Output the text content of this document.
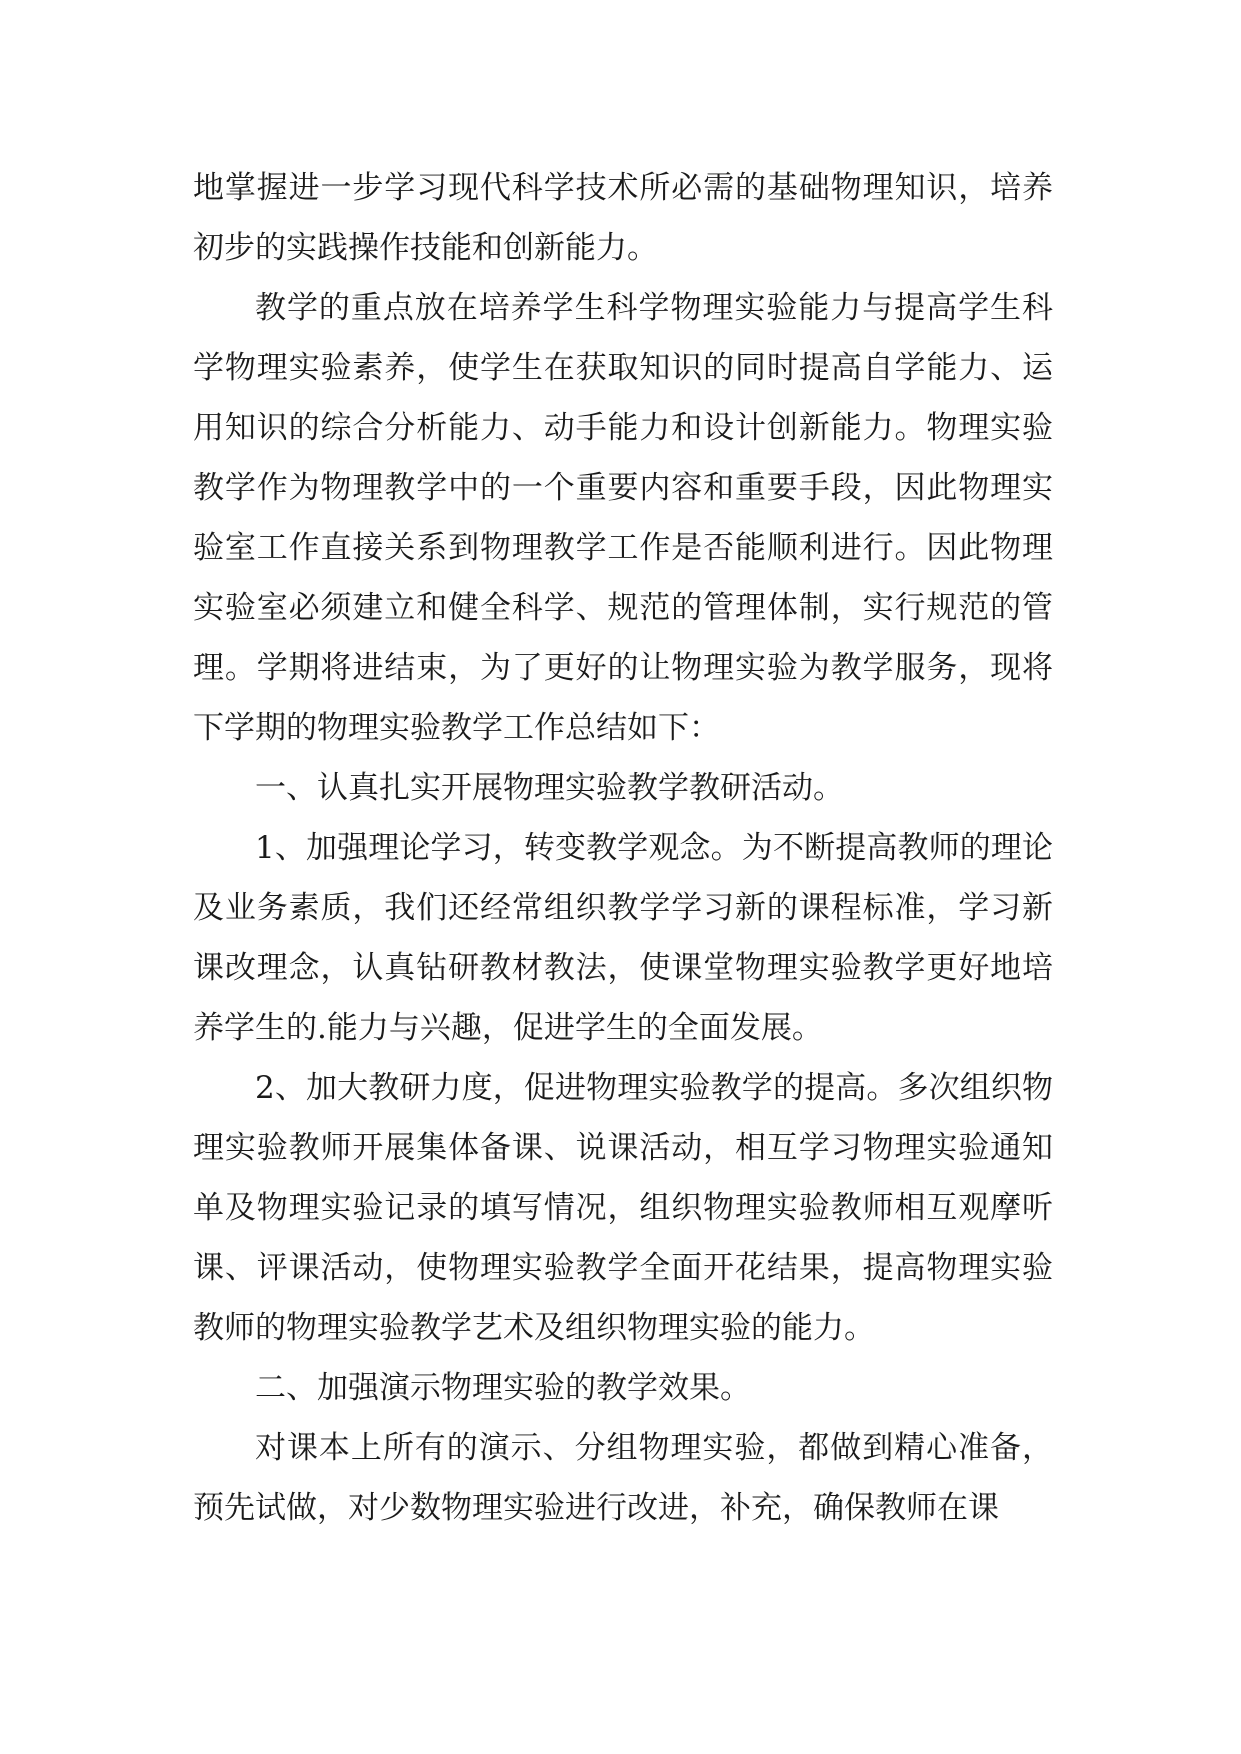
地掌握进一步学习现代科学技术所必需的基础物理知识，培养初步的实践操作技能和创新能力。

教学的重点放在培养学生科学物理实验能力与提高学生科学物理实验素养，使学生在获取知识的同时提高自学能力、运用知识的综合分析能力、动手能力和设计创新能力。物理实验教学作为物理教学中的一个重要内容和重要手段，因此物理实验室工作直接关系到物理教学工作是否能顺利进行。因此物理实验室必须建立和健全科学、规范的管理体制，实行规范的管理。学期将进结束，为了更好的让物理实验为教学服务，现将下学期的物理实验教学工作总结如下：

一、认真扎实开展物理实验教学教研活动。

1、加强理论学习，转变教学观念。为不断提高教师的理论及业务素质，我们还经常组织教学学习新的课程标准，学习新课改理念，认真钻研教材教法，使课堂物理实验教学更好地培养学生的.能力与兴趣，促进学生的全面发展。

2、加大教研力度，促进物理实验教学的提高。多次组织物理实验教师开展集体备课、说课活动，相互学习物理实验通知单及物理实验记录的填写情况，组织物理实验教师相互观摩听课、评课活动，使物理实验教学全面开花结果，提高物理实验教师的物理实验教学艺术及组织物理实验的能力。

二、加强演示物理实验的教学效果。

对课本上所有的演示、分组物理实验，都做到精心准备，预先试做，对少数物理实验进行改进，补充，确保教师在课
